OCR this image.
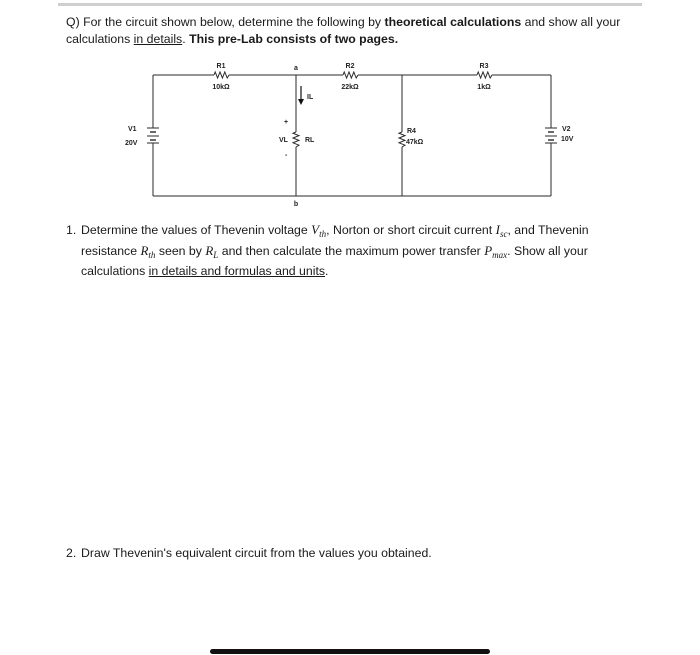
Q) For the circuit shown below, determine the following by theoretical calculations and show all your calculations in details. This pre-Lab consists of two pages.
R1
10kΩ
a	R2
22kΩ
R3
1kΩ
IL
+
VL RL
-
R4
47kΩ
V1
20V
V2
10V
b
1. Determine the values of Thevenin voltage $V_{th}$, Norton or short circuit current $I_{sc}$, and Thevenin resistance $R_{th}$ seen by $R_L$ and then calculate the maximum power transfer $P_{max}$. Show all your calculations in details and formulas and units.
2. Draw Thevenin's equivalent circuit from the values you obtained.
